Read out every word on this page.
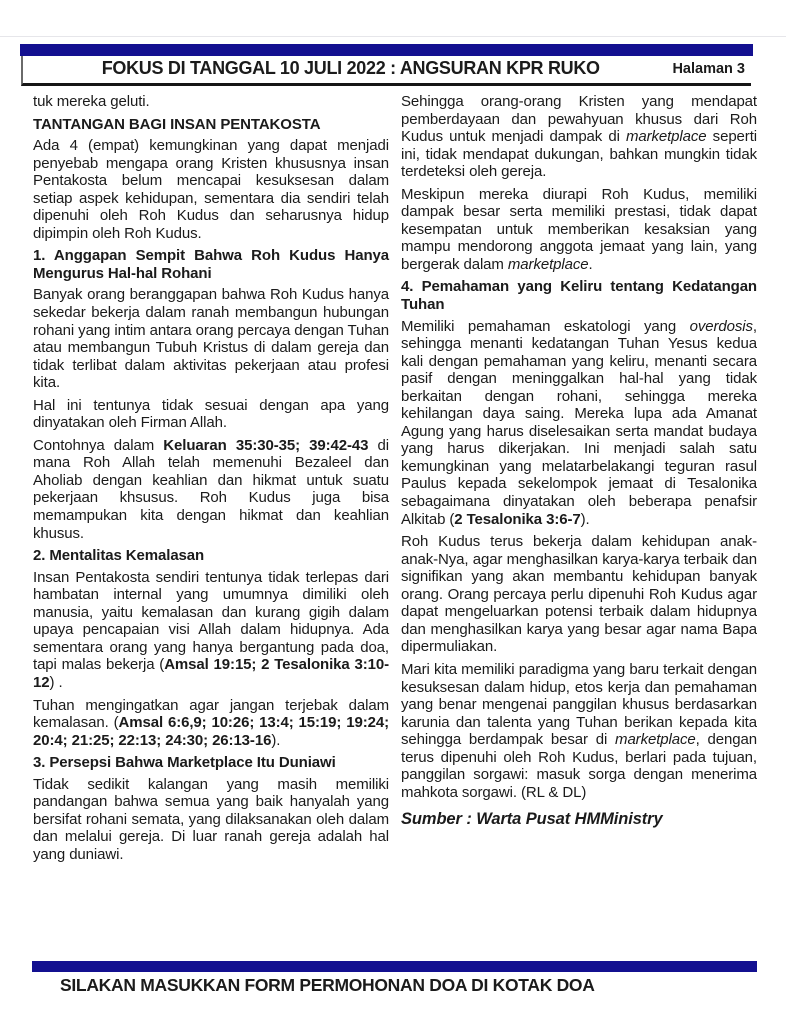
FOKUS DI TANGGAL 10 JULI 2022 : ANGSURAN KPR RUKO	Halaman 3

tuk mereka geluti.

TANTANGAN BAGI INSAN PENTAKOSTA

Ada 4 (empat) kemungkinan yang dapat menjadi penyebab mengapa orang Kristen khususnya insan Pentakosta belum mencapai kesuksesan dalam setiap aspek kehidupan, sementara dia sendiri telah dipenuhi oleh Roh Kudus dan seharusnya hidup dipimpin oleh Roh Kudus.

1. Anggapan Sempit Bahwa Roh Kudus Hanya Mengurus Hal-hal Rohani

Banyak orang beranggapan bahwa Roh Kudus hanya sekedar bekerja dalam ranah membangun hubungan rohani yang intim antara orang percaya dengan Tuhan atau membangun Tubuh Kristus di dalam gereja dan tidak terlibat dalam aktivitas pekerjaan atau profesi kita.

Hal ini tentunya tidak sesuai dengan apa yang dinyatakan oleh Firman Allah.

Contohnya dalam Keluaran 35:30-35; 39:42-43 di mana Roh Allah telah memenuhi Bezaleel dan Aholiab dengan keahlian dan hikmat untuk suatu pekerjaan khsusus. Roh Kudus juga bisa memampukan kita dengan hikmat dan keahlian khusus.

2. Mentalitas Kemalasan

Insan Pentakosta sendiri tentunya tidak terlepas dari hambatan internal yang umumnya dimiliki oleh manusia, yaitu kemalasan dan kurang gigih dalam upaya pencapaian visi Allah dalam hidupnya. Ada sementara orang yang hanya bergantung pada doa, tapi malas bekerja (Amsal 19:15; 2 Tesalonika 3:10-12) .

Tuhan mengingatkan agar jangan terjebak dalam kemalasan. (Amsal 6:6,9; 10:26; 13:4; 15:19; 19:24; 20:4; 21:25; 22:13; 24:30; 26:13-16).

3. Persepsi Bahwa Marketplace Itu Duniawi

Tidak sedikit kalangan yang masih memiliki pandangan bahwa semua yang baik hanyalah yang bersifat rohani semata, yang dilaksanakan oleh dalam dan melalui gereja. Di luar ranah gereja adalah hal yang duniawi.

Sehingga orang-orang Kristen yang mendapat pemberdayaan dan pewahyuan khusus dari Roh Kudus untuk menjadi dampak di marketplace seperti ini, tidak mendapat dukungan, bahkan mungkin tidak terdeteksi oleh gereja.

Meskipun mereka diurapi Roh Kudus, memiliki dampak besar serta memiliki prestasi, tidak dapat kesempatan untuk memberikan kesaksian yang mampu mendorong anggota jemaat yang lain, yang bergerak dalam marketplace.

4. Pemahaman yang Keliru tentang Kedatangan Tuhan

Memiliki pemahaman eskatologi yang overdosis, sehingga menanti kedatangan Tuhan Yesus kedua kali dengan pemahaman yang keliru, menanti secara pasif dengan meninggalkan hal-hal yang tidak berkaitan dengan rohani, sehingga mereka kehilangan daya saing. Mereka lupa ada Amanat Agung yang harus diselesaikan serta mandat budaya yang harus dikerjakan. Ini menjadi salah satu kemungkinan yang melatarbelakangi teguran rasul Paulus kepada sekelompok jemaat di Tesalonika sebagaimana dinyatakan oleh beberapa penafsir Alkitab (2 Tesalonika 3:6-7).

Roh Kudus terus bekerja dalam kehidupan anak-anak-Nya, agar menghasilkan karya-karya terbaik dan signifikan yang akan membantu kehidupan banyak orang. Orang percaya perlu dipenuhi Roh Kudus agar dapat mengeluarkan potensi terbaik dalam hidupnya dan menghasilkan karya yang besar agar nama Bapa dipermuliakan.

Mari kita memiliki paradigma yang baru terkait dengan kesuksesan dalam hidup, etos kerja dan pemahaman yang benar mengenai panggilan khusus berdasarkan karunia dan talenta yang Tuhan berikan kepada kita sehingga berdampak besar di marketplace, dengan terus dipenuhi oleh Roh Kudus, berlari pada tujuan, panggilan sorgawi: masuk sorga dengan menerima mahkota sorgawi. (RL & DL)

Sumber : Warta Pusat HMMinistry

SILAKAN MASUKKAN FORM PERMOHONAN DOA DI KOTAK DOA
